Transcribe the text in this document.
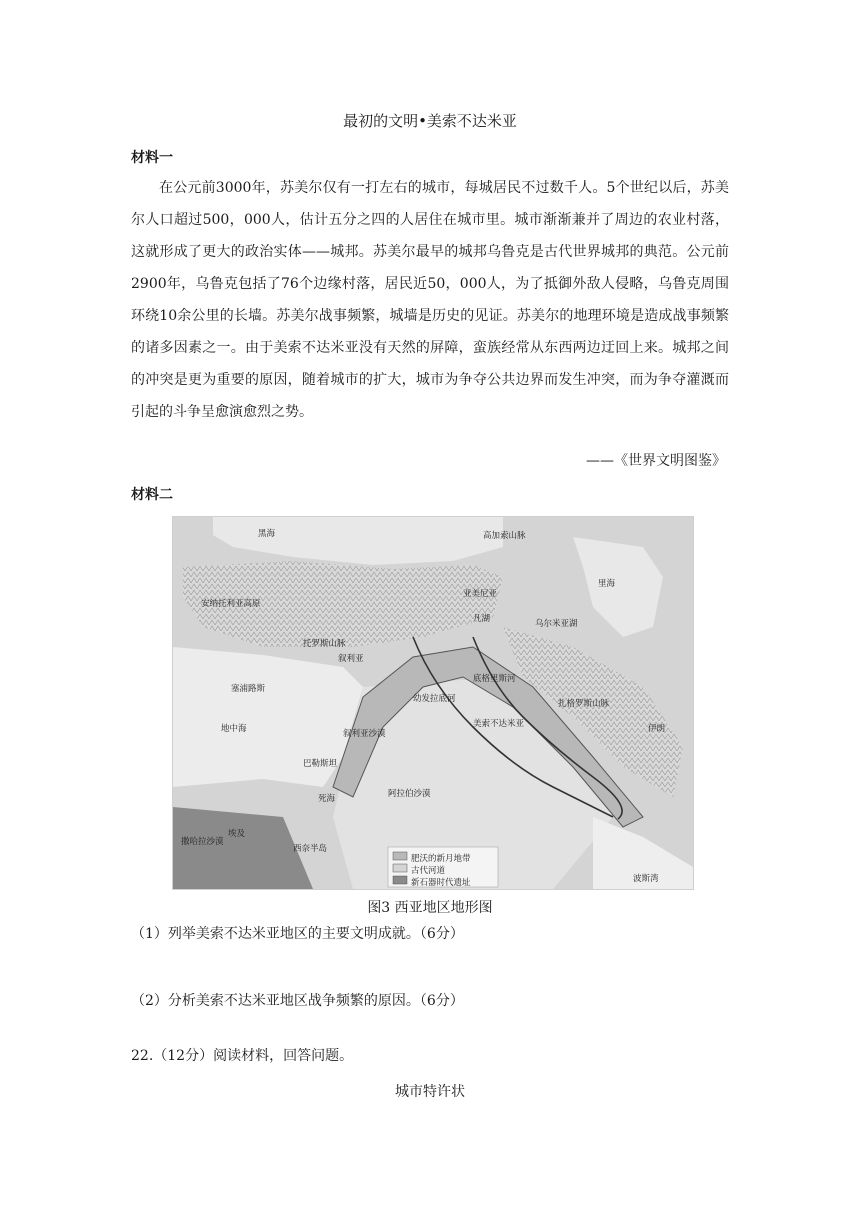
最初的文明•美索不达米亚
材料一
在公元前3000年，苏美尔仅有一打左右的城市，每城居民不过数千人。5个世纪以后，苏美尔人口超过500，000人，估计五分之四的人居住在城市里。城市渐渐兼并了周边的农业村落，这就形成了更大的政治实体——城邦。苏美尔最早的城邦乌鲁克是古代世界城邦的典范。公元前2900年，乌鲁克包括了76个边缘村落，居民近50，000人，为了抵御外敌人侵略，乌鲁克周围环绕10余公里的长墙。苏美尔战事频繁，城墙是历史的见证。苏美尔的地理环境是造成战事频繁的诸多因素之一。由于美索不达米亚没有天然的屏障，蛮族经常从东西两边迂回上来。城邦之间的冲突是更为重要的原因，随着城市的扩大，城市为争夺公共边界而发生冲突，而为争夺灌溉而引起的斗争呈愈演愈烈之势。
——《世界文明图鉴》
材料二
黑海	高加索山脉
安纳托利亚高原
亚美尼亚
凡湖	乌尔米亚湖
里海
托罗斯山脉
叙利亚
塞浦路斯
幼发拉底河
底格里斯河
美索不达米亚
扎格罗斯山脉
伊朗
地中海	叙利亚沙漠
巴勒斯坦
死海	阿拉伯沙漠
埃及
西奈半岛
撒哈拉沙漠
波斯湾
肥沃的新月地带
古代河道
新石器时代遗址
图3 西亚地区地形图
（1）列举美索不达米亚地区的主要文明成就。（6分）
（2）分析美索不达米亚地区战争频繁的原因。（6分）
22.（12分）阅读材料，回答问题。
城市特许状
